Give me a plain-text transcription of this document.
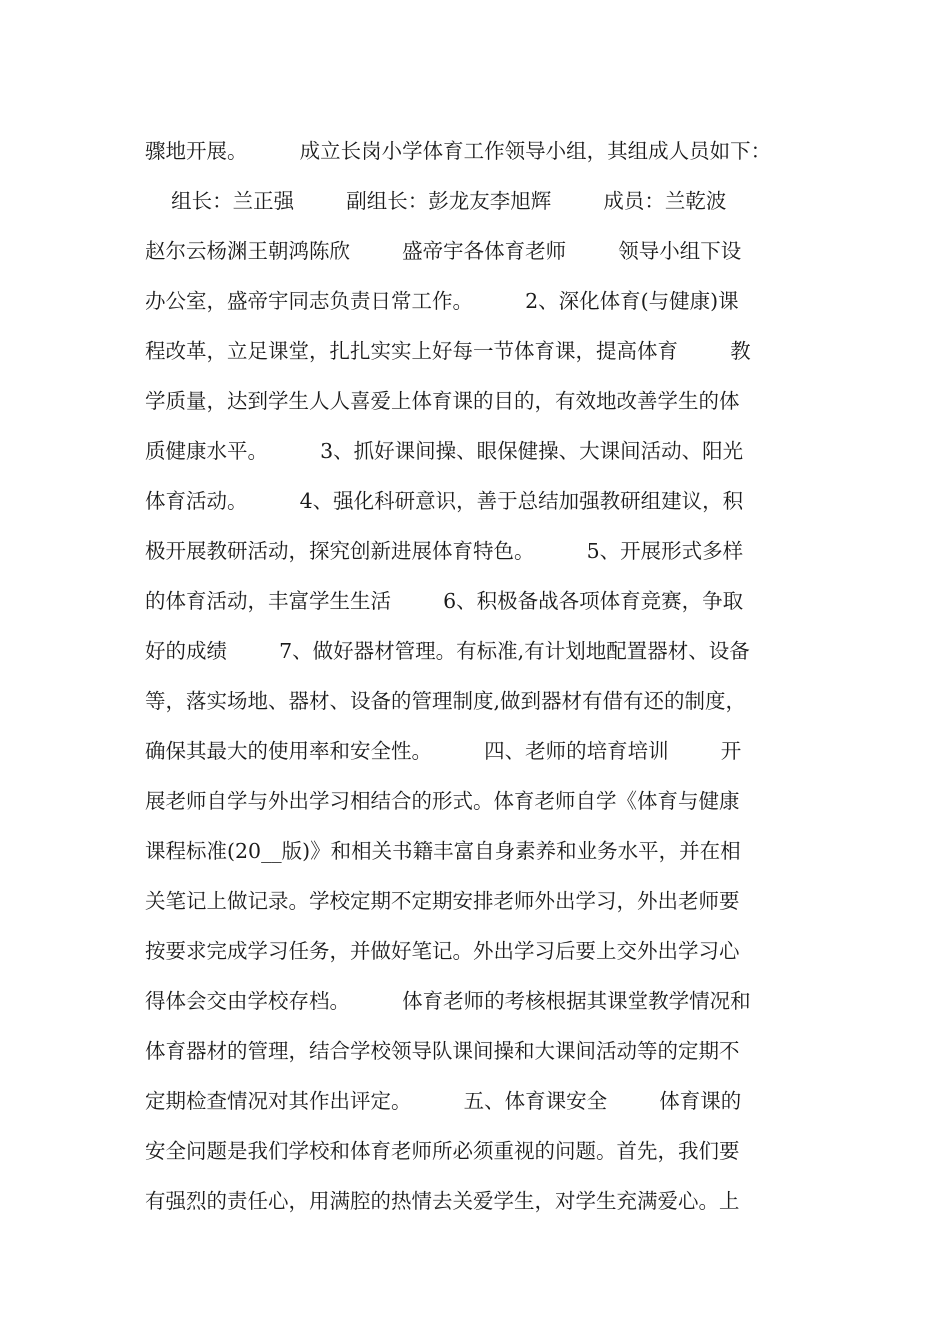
骤地开展。        成立长岗小学体育工作领导小组，其组成人员如下：
组长：兰正强        副组长：彭龙友李旭辉        成员：兰乾波
赵尔云杨渊王朝鸿陈欣        盛帝宇各体育老师        领导小组下设
办公室，盛帝宇同志负责日常工作。        2、深化体育(与健康)课
程改革，立足课堂，扎扎实实上好每一节体育课，提高体育        教
学质量，达到学生人人喜爱上体育课的目的，有效地改善学生的体
质健康水平。        3、抓好课间操、眼保健操、大课间活动、阳光
体育活动。        4、强化科研意识，善于总结加强教研组建议，积
极开展教研活动，探究创新进展体育特色。        5、开展形式多样
的体育活动，丰富学生生活        6、积极备战各项体育竞赛，争取
好的成绩        7、做好器材管理。有标准,有计划地配置器材、设备
等，落实场地、器材、设备的管理制度,做到器材有借有还的制度，
确保其最大的使用率和安全性。        四、老师的培育培训        开
展老师自学与外出学习相结合的形式。体育老师自学《体育与健康
课程标准(20__版)》和相关书籍丰富自身素养和业务水平，并在相
关笔记上做记录。学校定期不定期安排老师外出学习，外出老师要
按要求完成学习任务，并做好笔记。外出学习后要上交外出学习心
得体会交由学校存档。        体育老师的考核根据其课堂教学情况和
体育器材的管理，结合学校领导队课间操和大课间活动等的定期不
定期检查情况对其作出评定。        五、体育课安全        体育课的
安全问题是我们学校和体育老师所必须重视的问题。首先，我们要
有强烈的责任心，用满腔的热情去关爱学生，对学生充满爱心。上
